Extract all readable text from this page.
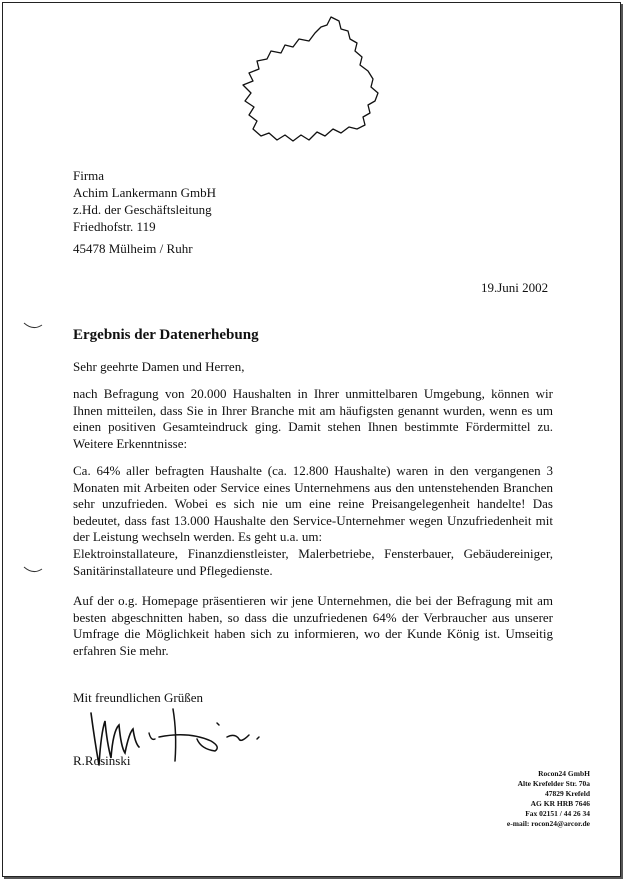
Firma
Achim Lankermann GmbH
z.Hd. der Geschäftsleitung
Friedhofstr. 119
45478 Mülheim / Ruhr
19.Juni 2002
Ergebnis der Datenerhebung
Sehr geehrte Damen und Herren,

nach Befragung von 20.000 Haushalten in Ihrer unmittelbaren Umgebung, können wir Ihnen mitteilen, dass Sie in Ihrer Branche mit am häufigsten genannt wurden, wenn es um einen positiven Gesamteindruck ging. Damit stehen Ihnen bestimmte Fördermittel zu. Weitere Erkenntnisse:

Ca. 64% aller befragten Haushalte (ca. 12.800 Haushalte) waren in den vergangenen 3 Monaten mit Arbeiten oder Service eines Unternehmens aus den untenstehenden Branchen sehr unzufrieden. Wobei es sich nie um eine reine Preisangelegenheit handelte! Das bedeutet, dass fast 13.000 Haushalte den Service-Unternehmer wegen Unzufriedenheit mit der Leistung wechseln werden. Es geht u.a. um:

Elektroinstallateure, Finanzdienstleister, Malerbetriebe, Fensterbauer, Gebäudereiniger, Sanitärinstallateure und Pflegedienste.

Auf der o.g. Homepage präsentieren wir jene Unternehmen, die bei der Befragung mit am besten abgeschnitten haben, so dass die unzufriedenen 64% der Verbraucher aus unserer Umfrage die Möglichkeit haben sich zu informieren, wo der Kunde König ist. Umseitig erfahren Sie mehr.

Mit freundlichen Grüßen
R.Rosinski
Rocon24 GmbH
Alte Krefelder Str. 70a
47829 Krefeld
AG KR HRB 7646
Fax 02151 / 44 26 34
e-mail: rocon24@arcor.de
